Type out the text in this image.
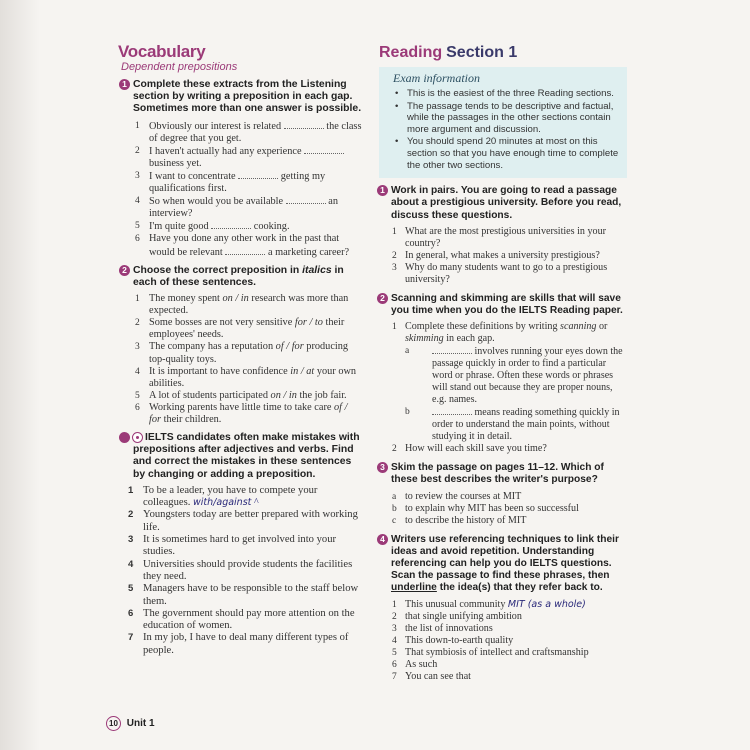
Vocabulary
Dependent prepositions
1 Complete these extracts from the Listening section by writing a preposition in each gap. Sometimes more than one answer is possible.
1 Obviously our interest is related	the class of degree that you get.
2 I haven't actually had any experience  business yet.
3 I want to concentrate	getting my qualifications first.
4 So when would you be available	an interview?
5 I'm quite good	cooking.
6 Have you done any other work in the past that would be relevant	a marketing career?
2 Choose the correct preposition in italics in each of these sentences.
1 The money spent on / in research was more than expected.
2 Some bosses are not very sensitive for / to their employees' needs.
3 The company has a reputation of / for producing top-quality toys.
4 It is important to have confidence in / at your own abilities.
5 A lot of students participated on / in the job fair.
6 Working parents have little time to take care of / for their children.
IELTS candidates often make mistakes with prepositions after adjectives and verbs. Find and correct the mistakes in these sentences by changing or adding a preposition.
1 To be a leader, you have to compete your colleagues. with/against ^
2 Youngsters today are better prepared with working life.
3 It is sometimes hard to get involved into your studies.
4 Universities should provide students the facilities they need.
5 Managers have to be responsible to the staff below them.
6 The government should pay more attention on the education of women.
7 In my job, I have to deal many different types of people.
10 Unit 1
Reading Section 1
Exam information
• This is the easiest of the three Reading sections.
• The passage tends to be descriptive and factual, while the passages in the other sections contain more argument and discussion.
• You should spend 20 minutes at most on this section so that you have enough time to complete the other two sections.
1 Work in pairs. You are going to read a passage about a prestigious university. Before you read, discuss these questions.
1 What are the most prestigious universities in your country?
2 In general, what makes a university prestigious?
3 Why do many students want to go to a prestigious university?
2 Scanning and skimming are skills that will save you time when you do the IELTS Reading paper.
1 Complete these definitions by writing scanning or skimming in each gap.
a	involves running your eyes down the passage quickly in order to find a particular word or phrase. Often these words or phrases will stand out because they are proper nouns, e.g. names.
b	means reading something quickly in order to understand the main points, without studying it in detail.
2 How will each skill save you time?
3 Skim the passage on pages 11–12. Which of these best describes the writer's purpose?
a to review the courses at MIT
b to explain why MIT has been so successful
c to describe the history of MIT
4 Writers use referencing techniques to link their ideas and avoid repetition. Understanding referencing can help you do IELTS questions. Scan the passage to find these phrases, then underline the idea(s) that they refer back to.
1 This unusual community MIT (as a whole)
2 that single unifying ambition
3 the list of innovations
4 This down-to-earth quality
5 That symbiosis of intellect and craftsmanship
6 As such
7 You can see that
